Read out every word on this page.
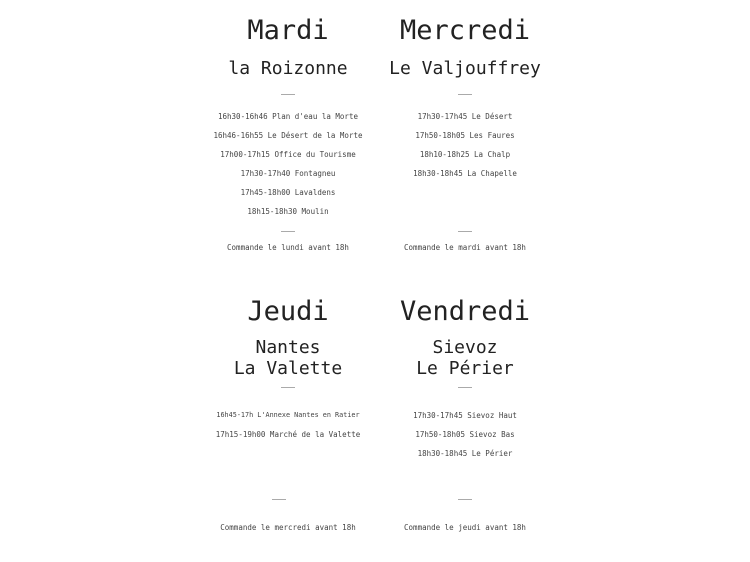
Mardi
la Roizonne
16h30-16h46 Plan d'eau la Morte
16h46-16h55 Le Désert de la Morte
17h00-17h15 Office du Tourisme
17h30-17h40 Fontagneu
17h45-18h00 Lavaldens
18h15-18h30 Moulin
Mercredi
Le Valjouffrey
17h30-17h45 Le Désert
17h50-18h05 Les Faures
18h10-18h25 La Chalp
18h30-18h45 La Chapelle
Commande le lundi avant 18h	Commande le mardi avant 18h
Jeudi
Nantes
La Valette
16h45-17h L'Annexe Nantes en Ratier
17h15-19h00 Marché de la Valette
Vendredi
Sievoz
Le Périer
17h30-17h45 Sievoz Haut
17h50-18h05 Sievoz Bas
18h30-18h45 Le Périer
Commande le mercredi avant 18h	Commande le jeudi avant 18h
